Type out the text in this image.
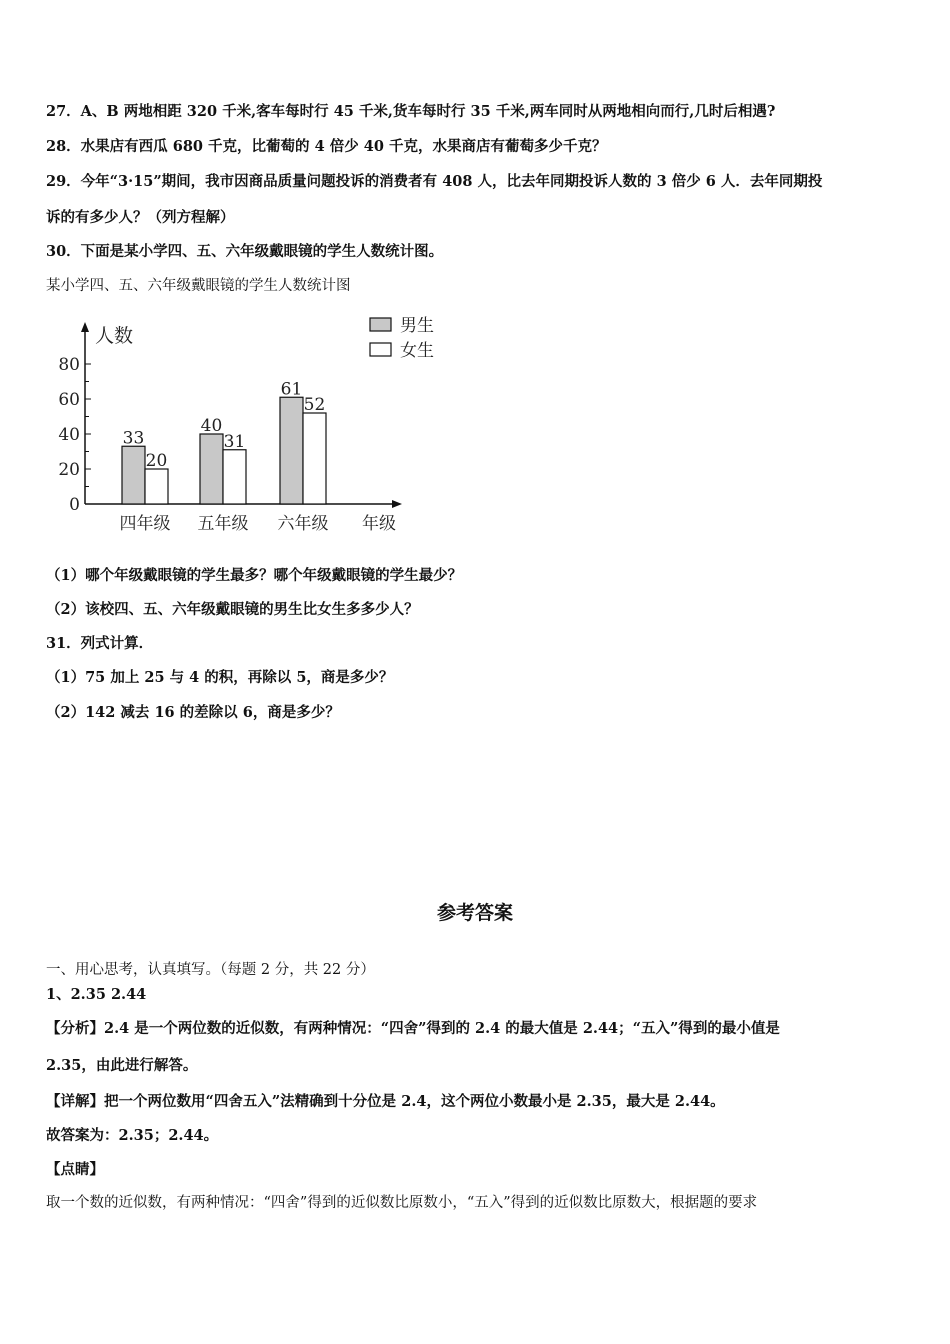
27．A、B 两地相距 320 千米,客车每时行 45 千米,货车每时行 35 千米,两车同时从两地相向而行,几时后相遇?
28．水果店有西瓜 680 千克，比葡萄的 4 倍少 40 千克，水果商店有葡萄多少千克？
29．今年“3·15”期间，我市因商品质量问题投诉的消费者有 408 人，比去年同期投诉人数的 3 倍少 6 人．去年同期投
诉的有多少人？（列方程解）
30．下面是某小学四、五、六年级戴眼镜的学生人数统计图。
某小学四、五、六年级戴眼镜的学生人数统计图
人数
年级
0
20
40
60
80
33
20
40
31
61
52
四年级 五年级 六年级
男生
女生
（1）哪个年级戴眼镜的学生最多？哪个年级戴眼镜的学生最少？
（2）该校四、五、六年级戴眼镜的男生比女生多多少人？
31．列式计算．
（1）75 加上 25 与 4 的积，再除以 5，商是多少？
（2）142 减去 16 的差除以 6，商是多少？
参考答案
一、用心思考，认真填写。（每题 2 分，共 22 分）
1、2.35 2.44
【分析】2.4 是一个两位数的近似数，有两种情况：“四舍”得到的 2.4 的最大值是 2.44；“五入”得到的最小值是
2.35，由此进行解答。
【详解】把一个两位数用“四舍五入”法精确到十分位是 2.4，这个两位小数最小是 2.35，最大是 2.44。
故答案为：2.35；2.44。
【点睛】
取一个数的近似数，有两种情况：“四舍”得到的近似数比原数小，“五入”得到的近似数比原数大，根据题的要求
